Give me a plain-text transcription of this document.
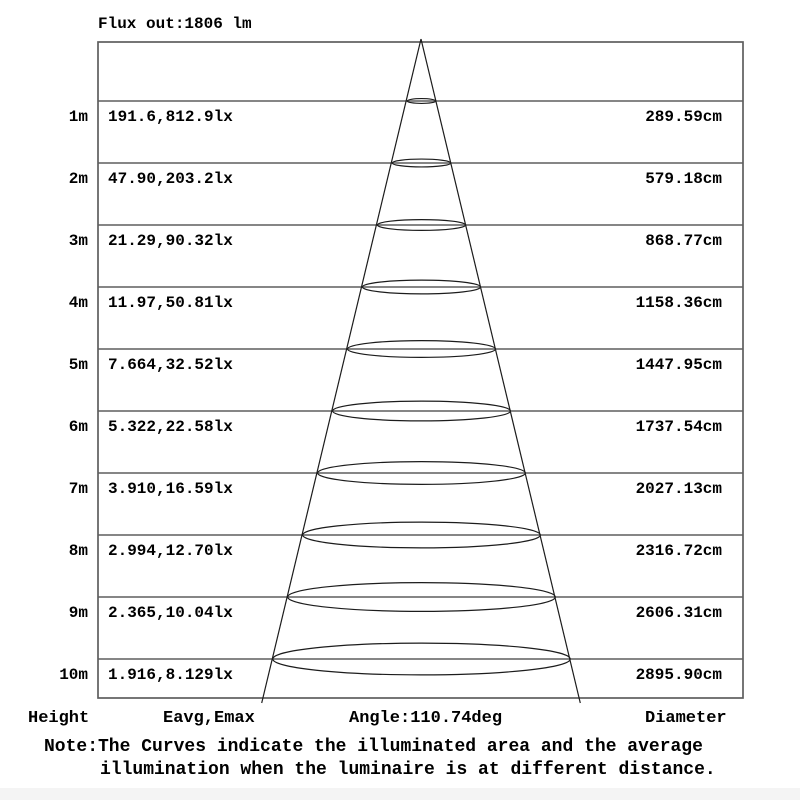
Flux out:1806 lm
1m 191.6,812.9lx	289.59cm
2m 47.90,203.2lx	579.18cm
3m 21.29,90.32lx	868.77cm
4m 11.97,50.81lx	1158.36cm
5m 7.664,32.52lx	1447.95cm
6m 5.322,22.58lx	1737.54cm
7m 3.910,16.59lx	2027.13cm
8m 2.994,12.70lx	2316.72cm
9m 2.365,10.04lx	2606.31cm
10m 1.916,8.129lx	2895.90cm
Height	Eavg,Emax	Angle:110.74deg	Diameter
Note:The Curves indicate the illuminated area and the average
illumination when the luminaire is at different distance.
